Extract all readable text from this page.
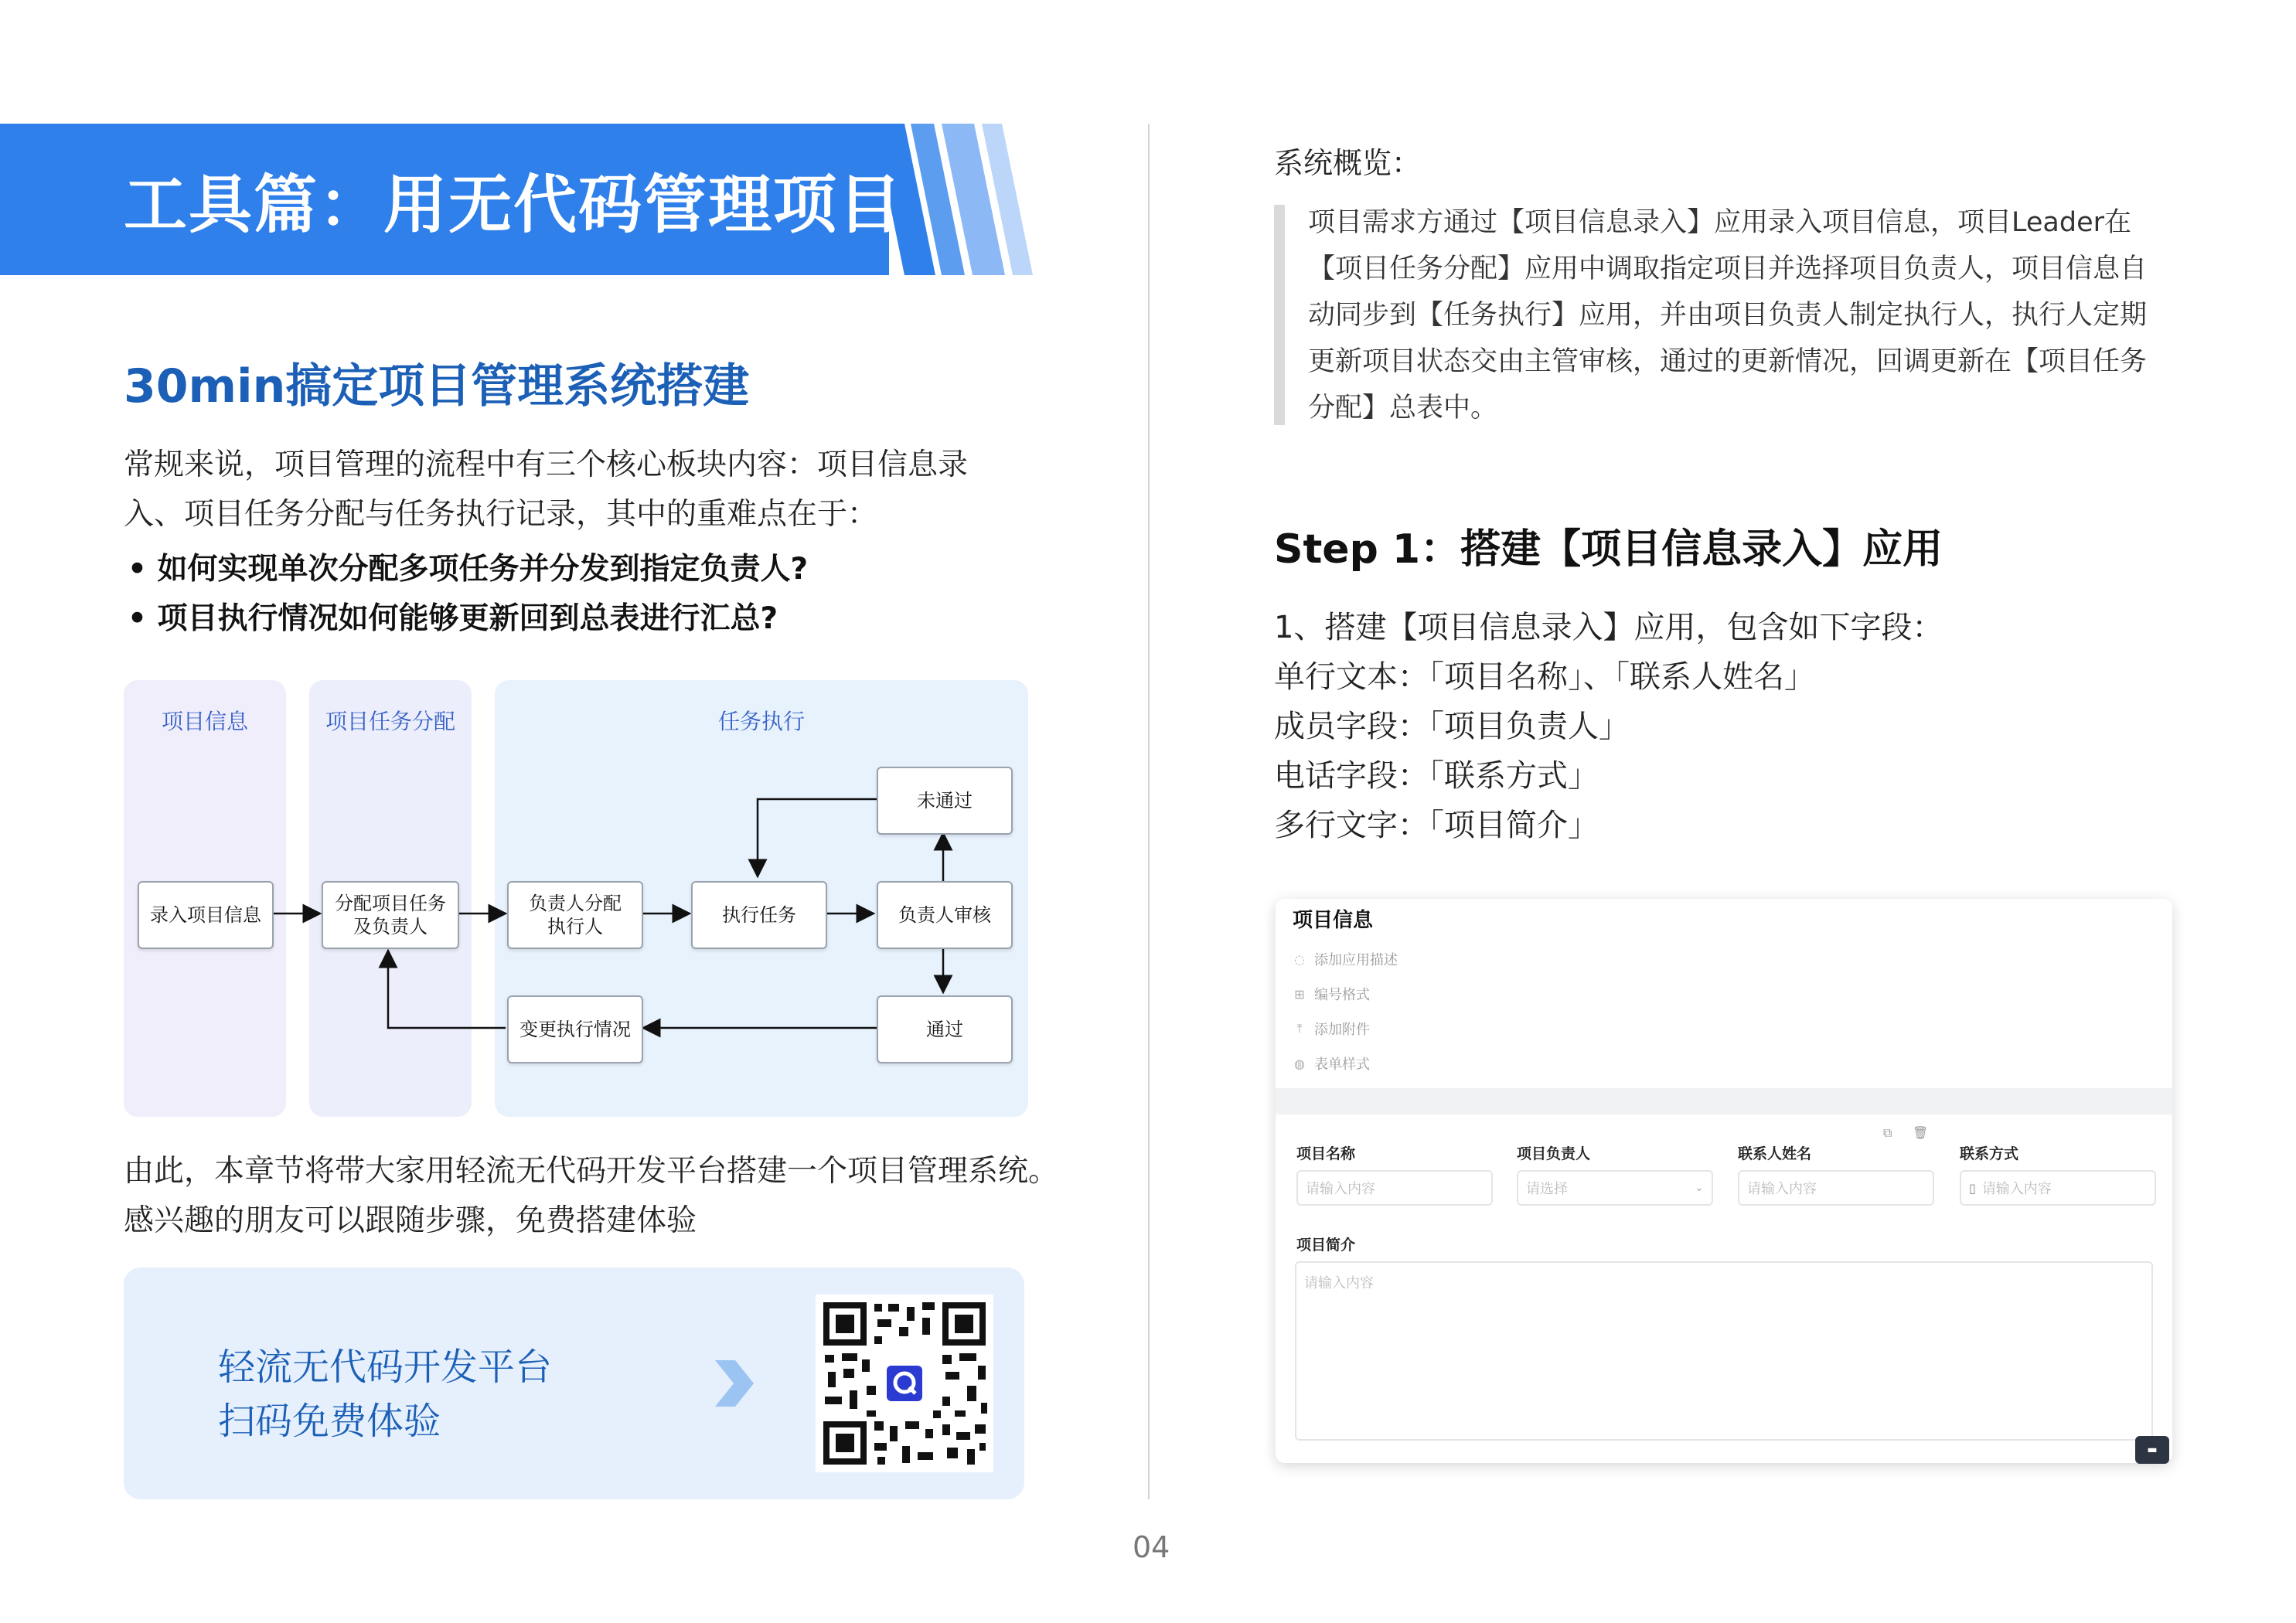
工具篇：用无代码管理项目
30min搞定项目管理系统搭建
常规来说，项目管理的流程中有三个核心板块内容：项目信息录
入、项目任务分配与任务执行记录，其中的重难点在于：
• 如何实现单次分配多项任务并分发到指定负责人?
• 项目执行情况如何能够更新回到总表进行汇总?
项目信息	项目任务分配	任务执行
录入项目信息
分配项目任务
及负责人
负责人分配
执行人
执行任务	负责人审核
未通过
通过
变更执行情况
由此，本章节将带大家用轻流无代码开发平台搭建一个项目管理系统。
感兴趣的朋友可以跟随步骤，免费搭建体验
轻流无代码开发平台
扫码免费体验
04
系统概览：
项目需求方通过【项目信息录入】应用录入项目信息，项目Leader在
【项目任务分配】应用中调取指定项目并选择项目负责人，项目信息自
动同步到【任务执行】应用，并由项目负责人制定执行人，执行人定期
更新项目状态交由主管审核，通过的更新情况，回调更新在【项目任务
分配】总表中。
Step 1：搭建【项目信息录入】应用
1、搭建【项目信息录入】应用，包含如下字段：
单行文本：「项目名称」、「联系人姓名」
成员字段：「项目负责人」
电话字段：「联系方式」
多行文字：「项目简介」
项目信息
◌ 添加应用描述
⊞ 编号格式
⤒ 添加附件
◍ 表单样式
项目名称	项目负责人	联系人姓名	联系方式
⧉ 🗑
请输入内容	请选择	⌄	请输入内容	▯ 请输入内容
项目简介
请输入内容
▬
